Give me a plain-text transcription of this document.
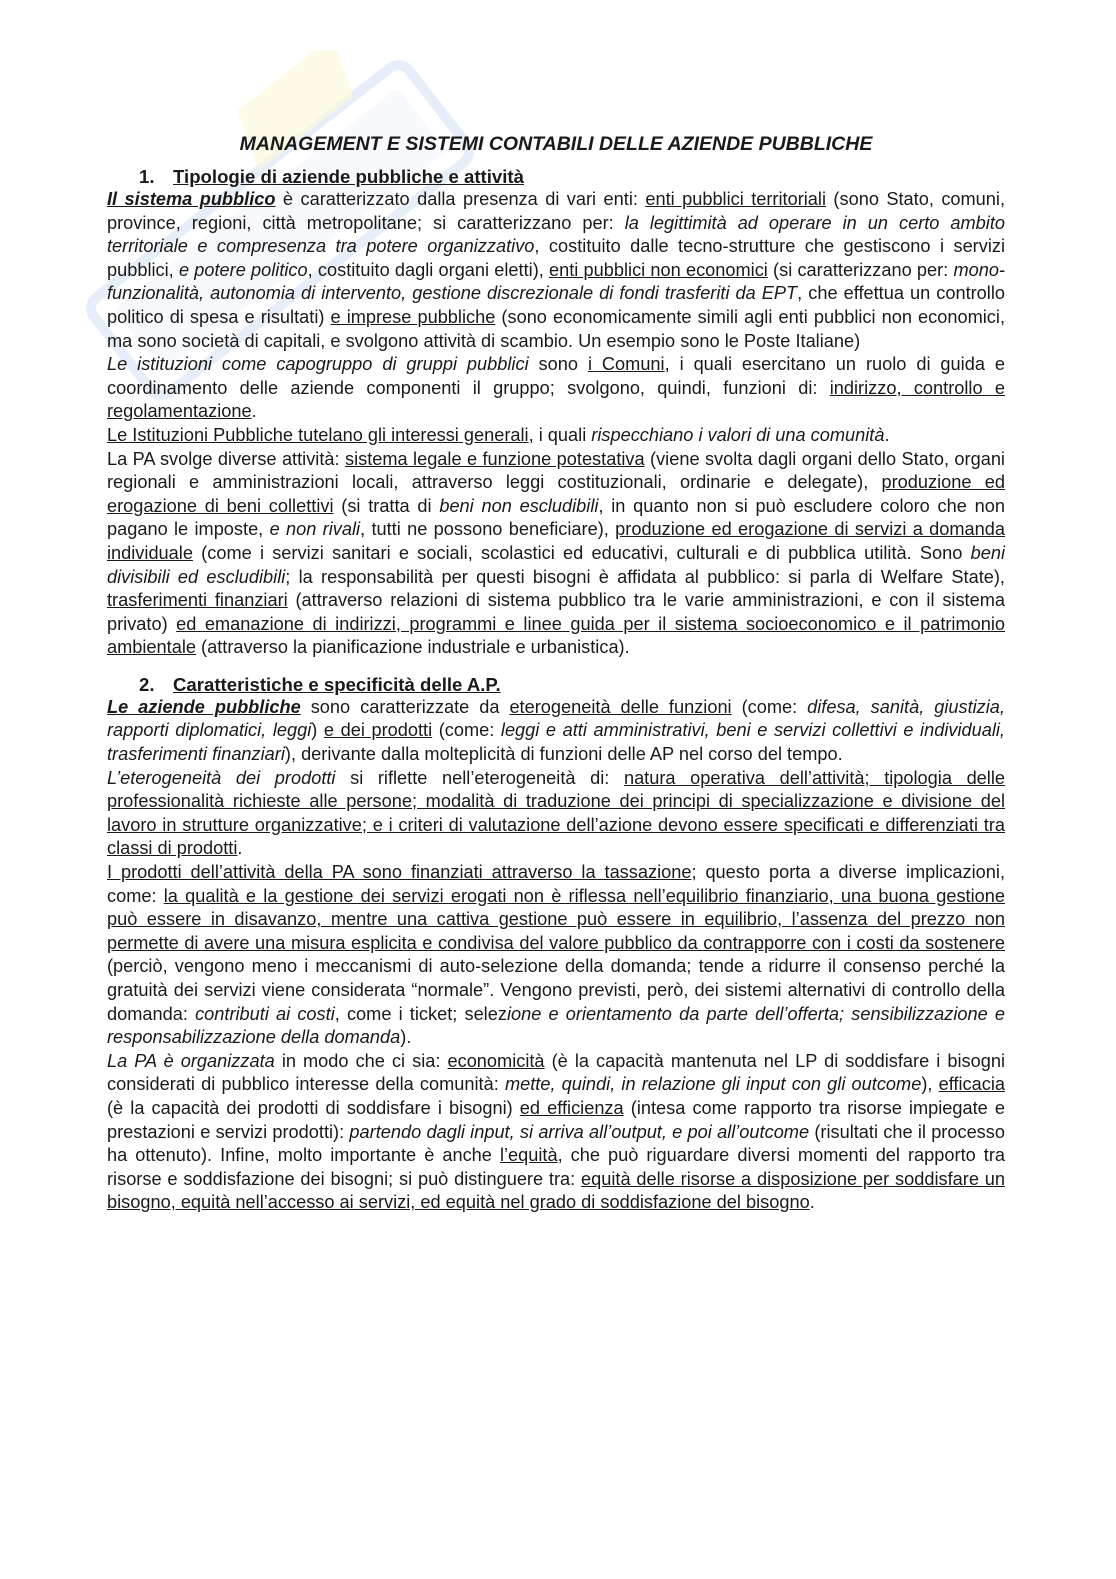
MANAGEMENT E SISTEMI CONTABILI DELLE AZIENDE PUBBLICHE
1. Tipologie di aziende pubbliche e attività

Il sistema pubblico è caratterizzato dalla presenza di vari enti: enti pubblici territoriali (sono Stato, comuni, province, regioni, città metropolitane; si caratterizzano per: la legittimità ad operare in un certo ambito territoriale e compresenza tra potere organizzativo, costituito dalle tecno-strutture che gestiscono i servizi pubblici, e potere politico, costituito dagli organi eletti), enti pubblici non economici (si caratterizzano per: mono-funzionalità, autonomia di intervento, gestione discrezionale di fondi trasferiti da EPT, che effettua un controllo politico di spesa e risultati) e imprese pubbliche (sono economicamente simili agli enti pubblici non economici, ma sono società di capitali, e svolgono attività di scambio. Un esempio sono le Poste Italiane)

Le istituzioni come capogruppo di gruppi pubblici sono i Comuni, i quali esercitano un ruolo di guida e coordinamento delle aziende componenti il gruppo; svolgono, quindi, funzioni di: indirizzo, controllo e regolamentazione.

Le Istituzioni Pubbliche tutelano gli interessi generali, i quali rispecchiano i valori di una comunità.

La PA svolge diverse attività: sistema legale e funzione potestativa (viene svolta dagli organi dello Stato, organi regionali e amministrazioni locali, attraverso leggi costituzionali, ordinarie e delegate), produzione ed erogazione di beni collettivi (si tratta di beni non escludibili, in quanto non si può escludere coloro che non pagano le imposte, e non rivali, tutti ne possono beneficiare), produzione ed erogazione di servizi a domanda individuale (come i servizi sanitari e sociali, scolastici ed educativi, culturali e di pubblica utilità. Sono beni divisibili ed escludibili; la responsabilità per questi bisogni è affidata al pubblico: si parla di Welfare State), trasferimenti finanziari (attraverso relazioni di sistema pubblico tra le varie amministrazioni, e con il sistema privato) ed emanazione di indirizzi, programmi e linee guida per il sistema socioeconomico e il patrimonio ambientale (attraverso la pianificazione industriale e urbanistica).

2. Caratteristiche e specificità delle A.P.

Le aziende pubbliche sono caratterizzate da eterogeneità delle funzioni (come: difesa, sanità, giustizia, rapporti diplomatici, leggi) e dei prodotti (come: leggi e atti amministrativi, beni e servizi collettivi e individuali, trasferimenti finanziari), derivante dalla molteplicità di funzioni delle AP nel corso del tempo.

L’eterogeneità dei prodotti si riflette nell’eterogeneità di: natura operativa dell’attività; tipologia delle professionalità richieste alle persone; modalità di traduzione dei principi di specializzazione e divisione del lavoro in strutture organizzative; e i criteri di valutazione dell’azione devono essere specificati e differenziati tra classi di prodotti.

I prodotti dell’attività della PA sono finanziati attraverso la tassazione; questo porta a diverse implicazioni, come: la qualità e la gestione dei servizi erogati non è riflessa nell’equilibrio finanziario, una buona gestione può essere in disavanzo, mentre una cattiva gestione può essere in equilibrio, l’assenza del prezzo non permette di avere una misura esplicita e condivisa del valore pubblico da contrapporre con i costi da sostenere (perciò, vengono meno i meccanismi di auto-selezione della domanda; tende a ridurre il consenso perché la gratuità dei servizi viene considerata “normale”. Vengono previsti, però, dei sistemi alternativi di controllo della domanda: contributi ai costi, come i ticket; selezione e orientamento da parte dell’offerta; sensibilizzazione e responsabilizzazione della domanda).

La PA è organizzata in modo che ci sia: economicità (è la capacità mantenuta nel LP di soddisfare i bisogni considerati di pubblico interesse della comunità: mette, quindi, in relazione gli input con gli outcome), efficacia (è la capacità dei prodotti di soddisfare i bisogni) ed efficienza (intesa come rapporto tra risorse impiegate e prestazioni e servizi prodotti): partendo dagli input, si arriva all’output, e poi all’outcome (risultati che il processo ha ottenuto). Infine, molto importante è anche l’equità, che può riguardare diversi momenti del rapporto tra risorse e soddisfazione dei bisogni; si può distinguere tra: equità delle risorse a disposizione per soddisfare un bisogno, equità nell’accesso ai servizi, ed equità nel grado di soddisfazione del bisogno.
